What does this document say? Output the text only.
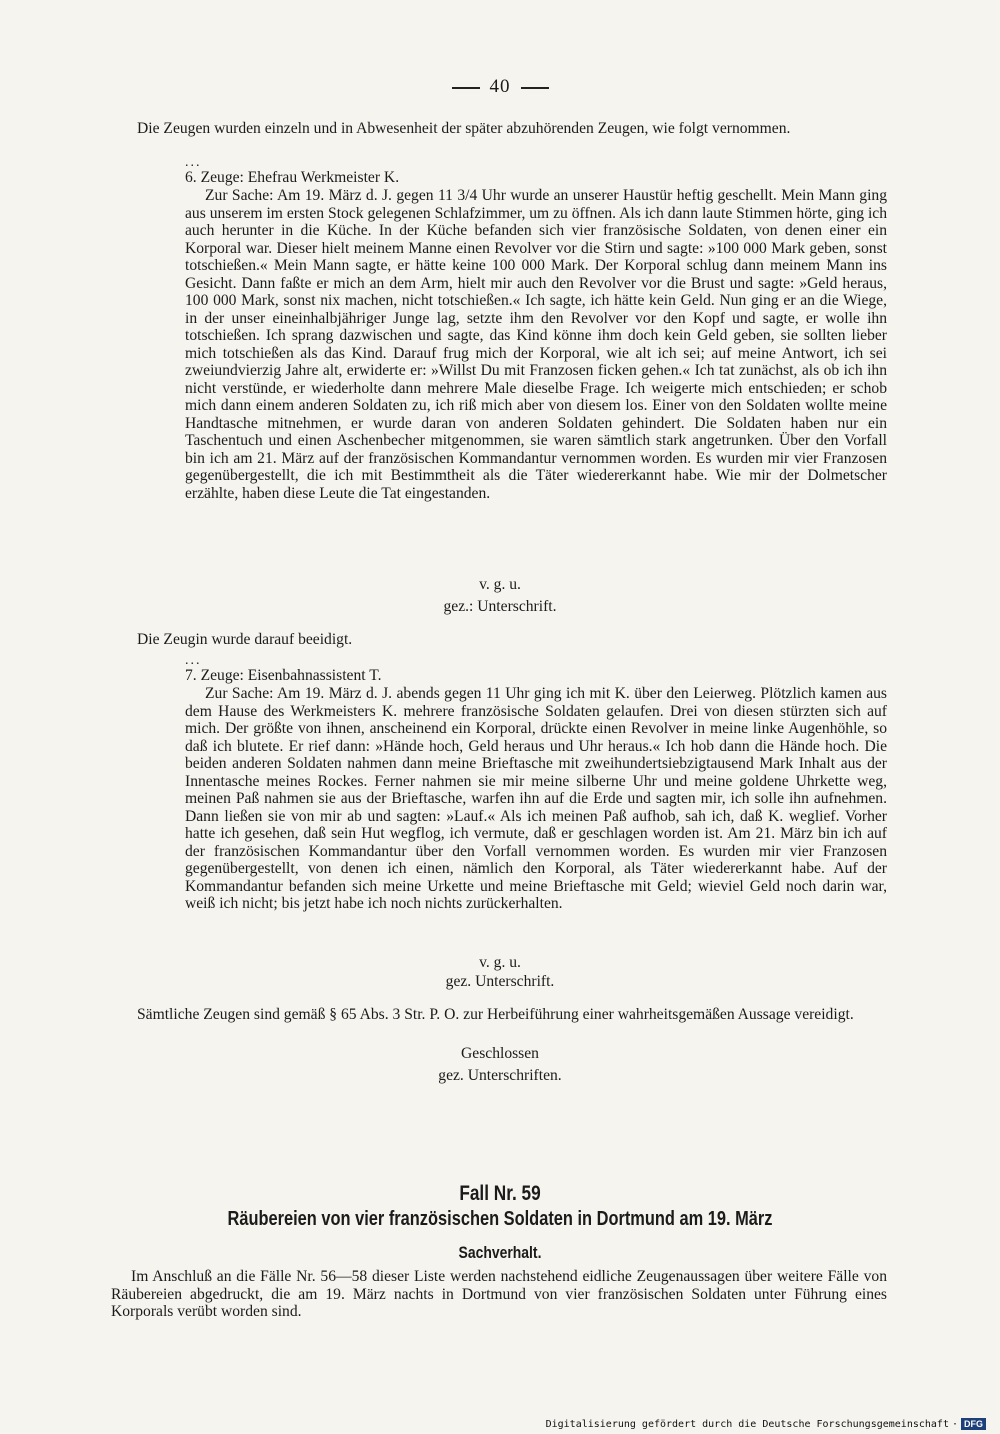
40

Die Zeugen wurden einzeln und in Abwesenheit der später abzuhörenden Zeugen, wie folgt vernommen.

...

6. Zeuge: Ehefrau Werkmeister K.

Zur Sache: Am 19. März d. J. gegen 11 3/4 Uhr wurde an unserer Haustür heftig geschellt. Mein Mann ging aus unserem im ersten Stock gelegenen Schlafzimmer, um zu öffnen. Als ich dann laute Stimmen hörte, ging ich auch herunter in die Küche. In der Küche befanden sich vier französische Soldaten, von denen einer ein Korporal war. Dieser hielt meinem Manne einen Revolver vor die Stirn und sagte: »100 000 Mark geben, sonst totschießen.« Mein Mann sagte, er hätte keine 100 000 Mark. Der Korporal schlug dann meinem Mann ins Gesicht. Dann faßte er mich an dem Arm, hielt mir auch den Revolver vor die Brust und sagte: »Geld heraus, 100 000 Mark, sonst nix machen, nicht totschießen.« Ich sagte, ich hätte kein Geld. Nun ging er an die Wiege, in der unser eineinhalbjähriger Junge lag, setzte ihm den Revolver vor den Kopf und sagte, er wolle ihn totschießen. Ich sprang dazwischen und sagte, das Kind könne ihm doch kein Geld geben, sie sollten lieber mich totschießen als das Kind. Darauf frug mich der Korporal, wie alt ich sei; auf meine Antwort, ich sei zweiundvierzig Jahre alt, erwiderte er: »Willst Du mit Franzosen ficken gehen.« Ich tat zunächst, als ob ich ihn nicht verstünde, er wiederholte dann mehrere Male dieselbe Frage. Ich weigerte mich entschieden; er schob mich dann einem anderen Soldaten zu, ich riß mich aber von diesem los. Einer von den Soldaten wollte meine Handtasche mitnehmen, er wurde daran von anderen Soldaten gehindert. Die Soldaten haben nur ein Taschentuch und einen Aschenbecher mitgenommen, sie waren sämtlich stark angetrunken. Über den Vorfall bin ich am 21. März auf der französischen Kommandantur vernommen worden. Es wurden mir vier Franzosen gegenübergestellt, die ich mit Bestimmtheit als die Täter wiedererkannt habe. Wie mir der Dolmetscher erzählte, haben diese Leute die Tat eingestanden.

v. g. u.
gez.: Unterschrift.

Die Zeugin wurde darauf beeidigt.

...

7. Zeuge: Eisenbahnassistent T.

Zur Sache: Am 19. März d. J. abends gegen 11 Uhr ging ich mit K. über den Leierweg. Plötzlich kamen aus dem Hause des Werkmeisters K. mehrere französische Soldaten gelaufen. Drei von diesen stürzten sich auf mich. Der größte von ihnen, anscheinend ein Korporal, drückte einen Revolver in meine linke Augenhöhle, so daß ich blutete. Er rief dann: »Hände hoch, Geld heraus und Uhr heraus.« Ich hob dann die Hände hoch. Die beiden anderen Soldaten nahmen dann meine Brieftasche mit zweihundertsiebzigtausend Mark Inhalt aus der Innentasche meines Rockes. Ferner nahmen sie mir meine silberne Uhr und meine goldene Uhrkette weg, meinen Paß nahmen sie aus der Brieftasche, warfen ihn auf die Erde und sagten mir, ich solle ihn aufnehmen. Dann ließen sie von mir ab und sagten: »Lauf.« Als ich meinen Paß aufhob, sah ich, daß K. weglief. Vorher hatte ich gesehen, daß sein Hut wegflog, ich vermute, daß er geschlagen worden ist. Am 21. März bin ich auf der französischen Kommandantur über den Vorfall vernommen worden. Es wurden mir vier Franzosen gegenübergestellt, von denen ich einen, nämlich den Korporal, als Täter wiedererkannt habe. Auf der Kommandantur befanden sich meine Urkette und meine Brieftasche mit Geld; wieviel Geld noch darin war, weiß ich nicht; bis jetzt habe ich noch nichts zurückerhalten.

v. g. u.
gez. Unterschrift.

Sämtliche Zeugen sind gemäß § 65 Abs. 3 Str. P. O. zur Herbeiführung einer wahrheitsgemäßen Aussage vereidigt.

Geschlossen
gez. Unterschriften.
Fall Nr. 59
Räubereien von vier französischen Soldaten in Dortmund am 19. März
Sachverhalt.

Im Anschluß an die Fälle Nr. 56—58 dieser Liste werden nachstehend eidliche Zeugenaussagen über weitere Fälle von Räubereien abgedruckt, die am 19. März nachts in Dortmund von vier französischen Soldaten unter Führung eines Korporals verübt worden sind.

Digitalisierung gefördert durch die Deutsche Forschungsgemeinschaft · DFG
